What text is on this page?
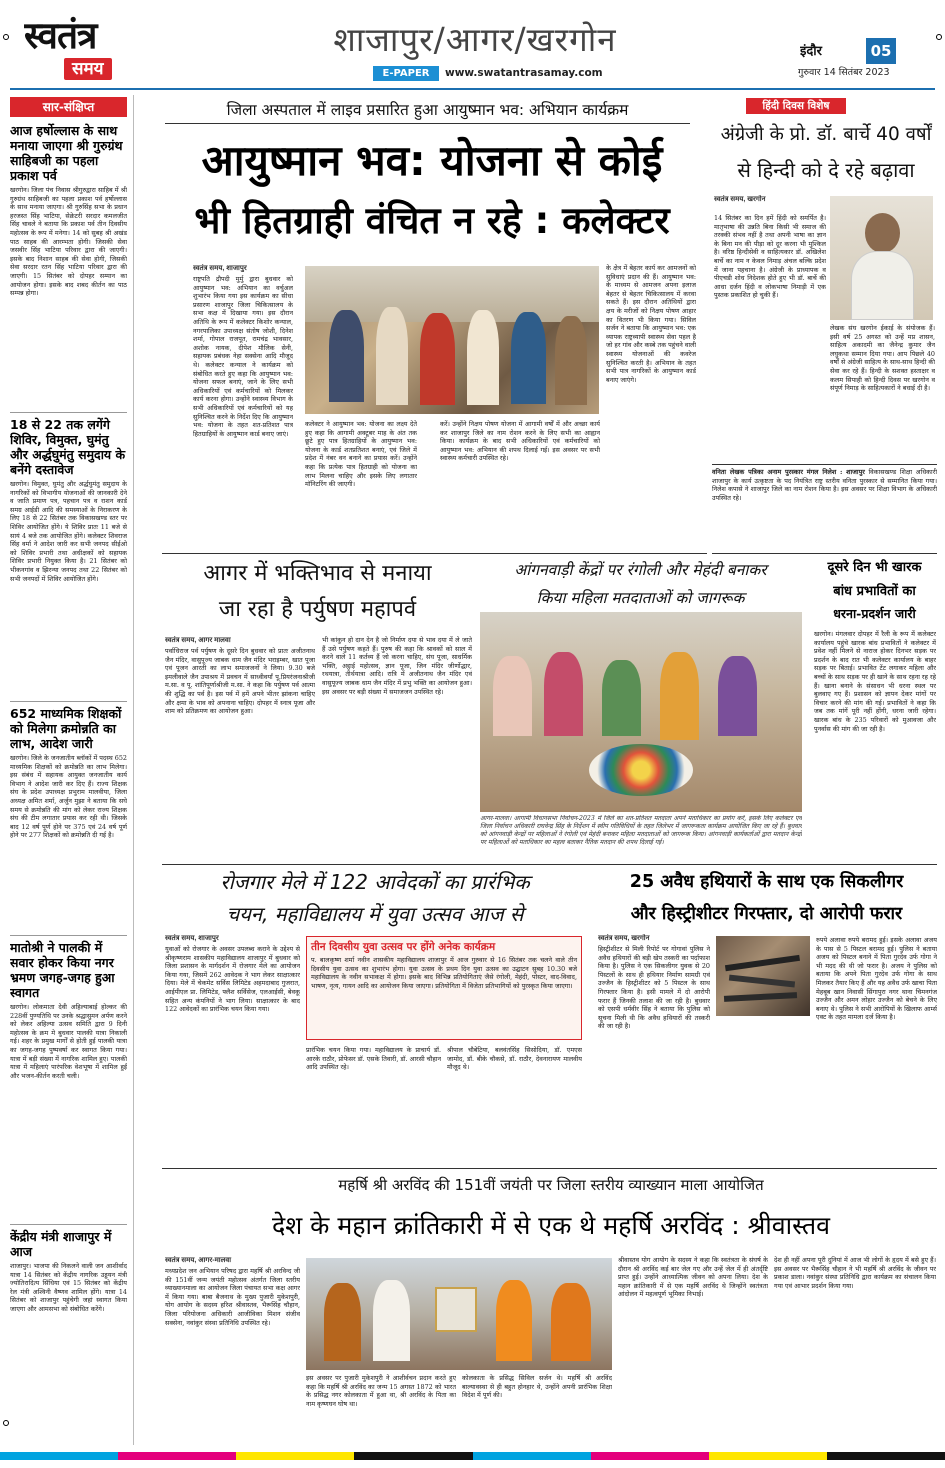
स्वतंत्र
समय
शाजापुर/आगर/खरगोन
E-PAPER	www.swatantrasamay.com
इंदौर	05
गुरुवार 14 सितंबर 2023
सार-संक्षिप्त
आज हर्षोल्लास के साथ मनाया जाएगा श्री गुरुग्रंथ साहिबजी का पहला प्रकाश पर्व
खरगोन। जिला पंच निवास श्रीगुरुद्वारा साहिब में श्री गुरुग्रंथ साहिबजी का पहला प्रकाश पर्व हर्षोल्लास के साथ मनाया जाएगा। श्री गुरुसिंह सभा के प्रधान हरजस्त सिंह भाटिया, सेक्रेटरी सरदार कमलजीत सिंह चावले ने बताया कि प्रकाश पर्व तीन दिवसीय महोत्सव के रूप में मनेगा। 14 को सुबह श्री अखंड पाठ साहब की आरम्भता होगी। जिसकी सेवा जसवीर सिंह भाटिया परिवार द्वारा की जाएगी। इसके बाद निशान साहब की सेवा होगी, जिसकी सेवा सरदार रतन सिंह भाटिया परिवार द्वारा की जाएगी। 15 सितंबर को दोपहर सम्मान का आयोजन होगा। इसके बाद शबद कीर्तन का पाठ सम्पन्न होगा।
18 से 22 तक लगेंगे शिविर, विमुक्त, घुमंतु और अर्द्धघुमंतु समुदाय के बनेंगे दस्तावेज
खरगोन। विमुक्त, घुमंतु और अर्द्धघुमंतु समुदाय के नागरिकों को विभागीय योजनाओं की जानकारी देने व जाति प्रमाण पत्र, पहचान पत्र व राशन कार्ड समग्र आईडी आदि की समस्याओं के निराकरण के लिए 18 से 22 सितंबर तक विकासखण्ड स्तर पर शिविर आयोजित होंगे। ये शिविर प्रातः 11 बजे से सायं 4 बजे तक आयोजित होंगे। कलेक्टर शिवराज सिंह वर्मा ने आदेश जारी कर सभी जनपद सीईओ को शिविर प्रभारी तथा अधीक्षकों को सहायक शिविर प्रभारी नियुक्त किया है। 21 सितंबर को भीकनगांव व झिरन्या जनपद तथा 22 सितंबर को सभी जनपदों में शिविर आयोजित होंगे।
652 माध्यमिक शिक्षकों को मिलेगा क्रमोन्नति का लाभ, आदेश जारी
खरगोन। जिले के जनजातीय ब्लॉकों में पदस्थ 652 माध्यमिक शिक्षकों को क्रमोन्नति का लाभ मिलेगा। इस संबंध में सहायक आयुक्त जनजातीय कार्य विभाग ने आदेश जारी कर दिए हैं। राज्य शिक्षक संघ के प्रदेश उपाध्यक्ष प्रभुराम मालवीया, जिला अध्यक्ष अमित शर्मा, अर्जुन मुझा ने बताया कि सघे समय से क्रमोन्नति की मांग को लेकर राज्य शिक्षक संघ की टीम लगातार प्रयास कर रही थी। जिसके बाद 12 वर्ष पूर्ण होने पर 375 एवं 24 वर्ष पूर्ण होने पर 277 शिक्षकों को क्रमोन्नति दी गई है।
मातोश्री ने पालकी में सवार होकर किया नगर भ्रमण जगह-जगह हुआ स्वागत
खरगोन। लोकमाता देवी अहिल्याबाई होल्कर की 228वीं पुण्यतिथि पर उनके श्रद्धासुमन अर्पण करने को लेकर अहिल्या उत्सव समिति द्वारा 9 दिनी महोत्सव के क्रम मे बुधवार पालकी यात्रा निकाली गई। शहर के प्रमुख मार्गों से होती हुई पालकी यात्रा का जगह-जगह पुष्पवर्षा कर स्वागत किया गया। यात्रा में बड़ी संख्या में नागरिक शामिल हुए। पालकी यात्रा में महिलाएं पारंपरिक वेशभूषा में शामिल हुईं और भजन-कीर्तन करती चली।
केंद्रीय मंत्री शाजापुर में आज
शाजापुर। भाजपा की निकलने वाली जन आशीर्वाद यात्रा 14 सितंबर को केंद्रीय नागरिक उड्डयन मंत्री ज्योतिरादित्य सिंधिया एवं 15 सितंबर को केंद्रीय रेल मंत्री अश्विनी वैष्णव शामिल होंगे। यात्रा 14 सितंबर को शाजापुर पहुंचेगी जहां स्वागत किया जाएगा और आमसभा को संबोधित करेंगे।
जिला अस्पताल में लाइव प्रसारित हुआ आयुष्मान भव: अभियान कार्यक्रम
आयुष्मान भव: योजना से कोई
भी हितग्राही वंचित न रहे : कलेक्टर
स्वतंत्र समय, शाजापुर
राष्ट्रपति द्रौपदी मुर्मु द्वारा बुधवार को आयुष्मान भव: अभियान का वर्चुअल शुभारंभ किया गया इस कार्यक्रम का सीधा प्रसारण शाजापुर जिला चिकित्सालय के सभा कक्ष में दिखाया गया। इस दौरान अतिथि के रूप में कलेक्टर किशोर कन्याल, नगरपालिका उपाध्यक्ष संतोष जोशी, दिनेश शर्मा, गोपाल राजपूत, रामचंद्र भावसार, अशोक नायक, दीपेश मौलिक सेनी, सहायक प्रबंधक नेहा सक्सेना आदि मौजूद थे। कलेक्टर कन्याल ने कार्यक्रम को संबोधित करते हुए कहा कि आयुष्मान भव: योजना सफल बनाएं, जाने के लिए सभी अधिकारियों एवं कर्मचारियों को मिलकर कार्य करना होगा। उन्होंने स्वास्थ्य विभाग के सभी अधिकारियों एवं कर्मचारियों को यह सुनिश्चित करने के निर्देश दिए कि आयुष्मान भव: योजना के तहत शत-प्रतिशत पात्र हितग्राहियों के आयुष्मान कार्ड बनाए जाएं।
कलेक्टर ने आयुष्मान भव: योजना का लक्ष्य देते हुए कहा कि आगामी अक्टूबर माह के अंत तक छूटे हुए पात्र हितग्राहियों के आयुष्मान भव: योजना के कार्ड शतप्रतिशत बनाएं, एवं जिले में प्रदेश में नंबर वन बनाने का प्रयास करें। उन्होंने कहा कि प्रत्येक पात्र हितग्राही को योजना का लाभ मिलना चाहिए और इसके लिए लगातार मॉनिटरिंग की जाएगी।
करें। उन्होंने निक्षय पोषण योजना में आगामी वर्षों में और अच्छा कार्य कर शाजापुर जिले का नाम रोशन करने के लिए सभी का आह्वान किया। कार्यक्रम के बाद सभी अधिकारियों एवं कर्मचारियों को आयुष्मान भव: अभियान की शपथ दिलाई गई। इस अवसर पर सभी स्वास्थ्य कर्मचारी उपस्थित रहे।
के क्षेत्र में बेहतर कार्य कर आमजनों को सुविधाएं प्रदान की हैं। आयुष्मान भव: के माध्यम से आमजन अपना इलाज बेहतर से बेहतर चिकित्सालय में करवा सकते हैं। इस दौरान अतिथियों द्वारा क्षय के मरीजों को निक्षय पोषण आहार का वितरण भी किया गया। सिविल सर्जन ने बताया कि आयुष्मान भव: एक व्यापक राष्ट्रव्यापी स्वास्थ्य सेवा पहल है जो हर गांव और कस्बे तक पहुंचने वाली स्वास्थ्य योजनाओं की कवरेज सुनिश्चित करती है। अभियान के तहत सभी पात्र नागरिकों के आयुष्मान कार्ड बनाए जाएंगे।
हिंदी दिवस विशेष
अंग्रेजी के प्रो. डॉ. बार्चे 40 वर्षों
से हिन्दी को दे रहे बढ़ावा
स्वतंत्र समय, खरगोन
14 सितंबर का दिन हमें हिंदी को समर्पित है। मातृभाषा की उन्नति बिना किसी भी समाज की तरक्की संभव नहीं है तथा अपनी भाषा का ज्ञान के बिना मन की पीड़ा को दूर करना भी मुश्किल है। वरिष्ठ हिन्दीसेवी व साहित्यकार डॉ. अखिलेश बार्चे का नाम न केवल निमाड़ अंचल बल्कि प्रदेश में जाना पहचाना है। अंग्रेजी के प्राध्यापक व पीएचडी शोध निदेशक होते हुए भी डॉ. बार्चे की आधा दर्जन हिंदी व लोकभाषा निमाड़ी में एक पुस्तक प्रकाशित हो चुकी हैं।
लेखक संघ खरगोन ईकाई के संयोजक हैं। इसी वर्ष 25 अगस्त को उन्हें मप्र शासन, साहित्य अकादमी का जैनेन्द्र कुमार जैन लघुकथा सम्मान दिया गया। आप पिछले 40 वर्षों से अंग्रेजी साहित्य के साथ-साथ हिन्दी की सेवा कर रहे हैं। हिन्दी के सशक्त हस्ताक्षर व कलम सिपाही को हिन्दी दिवस पर खरगोन व संपूर्ण निमाड़ के साहित्यकारों ने बधाई दी है।
वनिता लेखक पत्रिका अनाम पुरस्कार मंगल निलेश : शाजापुर विकासखण्ड शिक्षा अधिकारी शाजापुर के कार्य उत्कृष्टता के पद नियंत्रित राष्ट्र स्तरीय वनिता पुरस्कार से सम्मानित किया गया। निलेश कपासे ने शाजापुर जिले का नाम रोशन किया है। इस अवसर पर शिक्षा विभाग के अधिकारी उपस्थित रहे।
आगर में भक्तिभाव से मनाया
जा रहा है पर्युषण महापर्व
स्वतंत्र समय, आगर मालवा
पर्वाधिराज पर्व पर्युषण के दूसरे दिन बुधवार को प्रातः अजीतनाथ जैन मंदिर, वासुपूज्य जाबक धाम जैन मंदिर भराइम्बर, खात पूजा एवं पूजन आरती का लाभ समाजजनों ने लिया। 9.30 बजे इमलीवाले जैन उपाश्रय में प्रवचन में साध्वीवर्यां पू.प्रियरंजनाश्रीजी म.सा. व पू. शांतिपूर्णाश्रीजी म.सा. ने कहा कि पर्युषण पर्व आत्मा की शुद्धि का पर्व है। इस पर्व में हमें अपने भीतर झांकना चाहिए और क्षमा के भाव को अपनाना चाहिए। दोपहर में स्नात्र पूजा और शाम को प्रतिक्रमण का आयोजन हुआ।
भी कांकुन हो दान देन है जो निर्माण दया से भाव दया में ले जाते हैं उसे पर्युषण कहते हैं। पुरुष की कहा कि श्रावकों को साल में करने वाले 11 कर्तव्य हैं जो करना चाहिए, संघ पूजा, साधर्मिक भक्ति, अट्ठाई महोत्सव, ज्ञान पूजा, जिन मंदिर जीर्णोद्धार, रथयात्रा, तीर्थयात्रा आदि। रात्रि में अजीतनाथ जैन मंदिर एवं वासुपूज्य जाबक धाम जैन मंदिर में प्रभु भक्ति का आयोजन हुआ। इस अवसर पर बड़ी संख्या में समाजजन उपस्थित रहे।
आंगनवाड़ी केंद्रों पर रंगोली और मेहंदी बनाकर
किया महिला मतदाताओं को जागरूक
आगर-मालवा। आगामी विधानसभा निर्वाचन-2023 में जिले का शत-प्रतिशत मतदाता अपने मताधिकार का प्रयोग करें, इसके लिए कलेक्टर एवं जिला निर्वाचन अधिकारी राघवेन्द्र सिंह के निर्देशन में स्वीप गतिविधियों के तहत जिलेभर में जागरूकता कार्यक्रम आयोजित किए जा रहे हैं। बुधवार को आंगनवाड़ी केन्द्रों पर महिलाओं ने रंगोली एवं मेहंदी बनाकर महिला मतदाताओं को जागरूक किया। आंगनवाड़ी कार्यकर्ताओं द्वारा मतदान केन्द्रों पर महिलाओं को मताधिकार का महत्व बताकर नैतिक मतदान की शपथ दिलाई गई।
दूसरे दिन भी खारक
बांध प्रभावितों का
धरना-प्रदर्शन जारी
खरगोन। मंगलवार दोपहर में रैली के रूप में कलेक्टर कार्यालय पहुंचे खारक बांध प्रभावितों ने कलेक्टर में प्रवेश नहीं मिलने से नाराज होकर दिनभर सड़क पर प्रदर्शन के बाद रात भी कलेक्टर कार्यालय के बाहर सड़क पर बिताई। प्रभावित टेंट लगाकर महिला और बच्चों के साथ सड़क पर ही खाने के साथ रहना रह रहे हैं। खाना बनाने के संसाधन भी धरना स्थल पर बुलवाए गए हैं। प्रशासन को ज्ञापन देकर मांगों पर विचार करने की मांग की गई। प्रभावितों ने कहा कि जब तक मांगें पूरी नहीं होंगी, धरना जारी रहेगा। खारक बांध के 235 परिवारों को मुआवजा और पुनर्वास की मांग की जा रही है।
रोजगार मेले में 122 आवेदकों का प्रारंभिक
चयन, महाविद्यालय में युवा उत्सव आज से
स्वतंत्र समय, शाजापुर
युवाओं को रोजगार के अवसर उपलब्ध कराने के उद्देश्य से श्रीकृष्णराम शासकीय महाविद्यालय शाजापुर में बुधवार को जिला प्रशासन के मार्गदर्शन में रोजगार मेले का आयोजन किया गया, जिसमें 262 आवेदक ने भाग लेकर साक्षात्कार दिया। मेले में चेकमेट सर्विस लिमिटेड अहमदाबाद गुजरात, आईपीएल प्रा. लिमिटेड, फ्लैश सर्विसेज, एलआईसी, बेवकू सहित अन्य कंपनियों ने भाग लिया। साक्षात्कार के बाद 122 आवेदकों का प्रारंभिक चयन किया गया।
तीन दिवसीय युवा उत्सव पर होंगे अनेक कार्यक्रम
प. बालकृष्ण शर्मा नवीन शासकीय महाविद्यालय शाजापुर में आज गुरुवार से 16 सितंबर तक चलने वाले तीन दिवसीय युवा उत्सव का शुभारंभ होगा। युवा उत्सव के प्रथम दिन युवा उत्सव का उद्घाटन सुबह 10.30 बजे महाविद्यालय के नवीन सभाकक्ष में होगा। इसके बाद विभिन्न प्रतियोगिताएं जैसे रंगोली, मेहंदी, पोस्टर, वाद-विवाद, भाषण, नृत्य, गायन आदि का आयोजन किया जाएगा। प्रतियोगिता में विजेता प्रतिभागियों को पुरस्कृत किया जाएगा।
प्रारंभिक चयन किया गया। महाविद्यालय के प्राचार्य डॉ. आरके राठौर, प्रोफेसर डॉ. एसके तिवारी, डॉ. आरसी चौहान आदि उपस्थित रहे।
श्रीपाल चौबेटिया, बलवंतसिंह सिसोदिया, डॉ. एमएस जामोद, डॉ. बीके चौकसे, डॉ. राठौर, देवनारायण मालवीय मौजूद थे।
25 अवैध हथियारों के साथ एक सिकलीगर
और हिस्ट्रीशीटर गिरफ्तार, दो आरोपी फरार
स्वतंत्र समय, खरगोन
हिस्ट्रीशीटर से मिली रिपोर्ट पर गोगावां पुलिस ने अवैध हथियारों की बड़ी खेप तस्करी का पर्दाफाश किया है। पुलिस ने एक सिकलीगर युवक से 20 पिस्टलों के साथ ही हथियार निर्माण सामग्री एवं उज्जैन के हिस्ट्रीशीटर को 5 पिस्टल के साथ गिरफ्तार किया है। इसी मामले में दो आरोपी फरार हैं जिनकी तलाश की जा रही है। बुधवार को एसपी धर्मवीर सिंह ने बताया कि पुलिस को सूचना मिली थी कि अवैध हथियारों की तस्करी की जा रही है।
रुपये अलावा रुपये बरामद हुई। इसके अलावा अजय के पास से 5 पिस्टल बरामद हुई। पुलिस ने बताया अजय को पिस्टल बनाने में पिता गुरदेव उर्फ गोगा ने भी मदद की थी जो फरार है। अजय ने पुलिस को बताया कि अपने पिता गुरदेव उर्फ गोगा के साथ मिलकर तैयार किए हैं और यह अवैध उर्फ खाचा पिता मेहबूब खान निवासी सिंगापुरा नगर थाना चिमनगंज उज्जैन और अमन लोहार उज्जैन को बेचने के लिए बनाए थे। पुलिस ने सभी आरोपियों के खिलाफ आर्म्स एक्ट के तहत मामला दर्ज किया है।
महर्षि श्री अरविंद की 151वीं जयंती पर जिला स्तरीय व्याख्यान माला आयोजित
देश के महान क्रांतिकारी में से एक थे महर्षि अरविंद : श्रीवास्तव
स्वतंत्र समय, आगर-मालवा
मध्यप्रदेश जन अभियान परिषद द्वारा महर्षि श्री अरविन्द जी की 151वीं जन्म जयंती महोत्सव अंतर्गत जिला स्तरीय व्याख्यानमाला का आयोजन जिला पंचायत सभा कक्ष आगर में किया गया। बाबा बैजनाथ के मुख्य पुजारी मुकेशपुरी, योग आयोग के सदस्य हरिश श्रीवास्तव, भैरूसिंह चौहान, जिला परियोजना अधिकारी आजीविका मिशन संजीव सक्सेना, नवांकुर संस्था प्रतिनिधि उपस्थित रहे।
इस अवसर पर पुजारी मुकेशपुरी ने आशीर्वचन प्रदान करते हुए कहा कि महर्षि श्री अरविंद का जन्म 15 अगस्त 1872 को भारत के प्रसिद्ध नगर कोलकाता में हुआ था, श्री अरविंद के पिता का नाम कृष्णघन घोष था।
कोलकाता के प्रसिद्ध सिविल सर्जन थे। महर्षि श्री अरविंद बाल्यावस्था से ही बहुत होनहार थे, उन्होंने अपनी प्रारंभिक शिक्षा विदेश में पूर्ण की।
श्रीवास्तव योग आयोग के सदस्य ने कहा कि स्वतंत्रता के संघर्ष के दौरान श्री अरविंद कई बार जेल गए और उन्हें जेल में ही अंतर्दृष्टि प्राप्त हुई। उन्होंने आध्यात्मिक जीवन को अपना लिया। देश के महान क्रांतिकारी में से एक महर्षि अरविंद थे जिन्होंने स्वतंत्रता आंदोलन में महत्वपूर्ण भूमिका निभाई।
देश ही नहीं अपना पूरी दुनियां में आज भी लोगों के हृदय में बसे हुए हैं। इस अवसर पर भैरूसिंह चौहान ने भी महर्षि श्री अरविंद के जीवन पर प्रकाश डाला। नवांकुर संस्था प्रतिनिधि द्वारा कार्यक्रम का संचालन किया गया एवं आभार प्रदर्शन किया गया।
